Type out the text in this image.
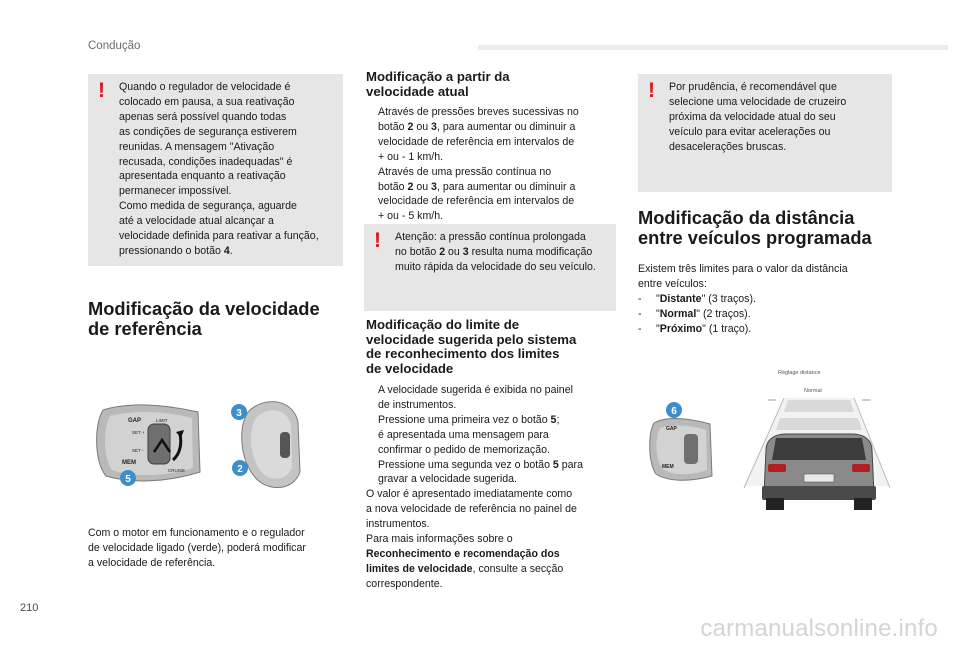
Condução
210
carmanualsonline.info
! Quando o regulador de velocidade é

colocado em pausa, a sua reativação

apenas será possível quando todas

as condições de segurança estiverem

reunidas. A mensagem "Ativação

recusada, condições inadequadas" é

apresentada enquanto a reativação

permanecer impossível.

Como medida de segurança, aguarde

até a velocidade atual alcançar a

velocidade definida para reativar a função,

pressionando o botão 4.

Modificação da velocidade
de referência
GAP
MEM
LIMIT
CRUISE
SET +
SET -
3
2
5

Com o motor em funcionamento e o regulador

de velocidade ligado (verde), poderá modificar

a velocidade de referência.

Modificação a partir da
velocidade atual

Através de pressões breves sucessivas no

botão 2 ou 3, para aumentar ou diminuir a

velocidade de referência em intervalos de

+ ou - 1 km/h.

Através de uma pressão contínua no

botão 2 ou 3, para aumentar ou diminuir a

velocidade de referência em intervalos de

+ ou - 5 km/h.

! Atenção: a pressão contínua prolongada

no botão 2 ou 3 resulta numa modificação

muito rápida da velocidade do seu veículo.

Modificação do limite de
velocidade sugerida pelo sistema
de reconhecimento dos limites
de velocidade

A velocidade sugerida é exibida no painel

de instrumentos.

Pressione uma primeira vez o botão 5;

é apresentada uma mensagem para

confirmar o pedido de memorização.

Pressione uma segunda vez o botão 5 para

gravar a velocidade sugerida.

O valor é apresentado imediatamente como

a nova velocidade de referência no painel de

instrumentos.

Para mais informações sobre o

Reconhecimento e recomendação dos

limites de velocidade, consulte a secção

correspondente.

! Por prudência, é recomendável que

selecione uma velocidade de cruzeiro

próxima da velocidade atual do seu

veículo para evitar acelerações ou

desacelerações bruscas.

Modificação da distância
entre veículos programada

Existem três limites para o valor da distância

entre veículos:

- "Distante" (3 traços).
- "Normal" (2 traços).
- "Próximo" (1 traço).
GAP
MEM
6
Réglage distance
Normal
